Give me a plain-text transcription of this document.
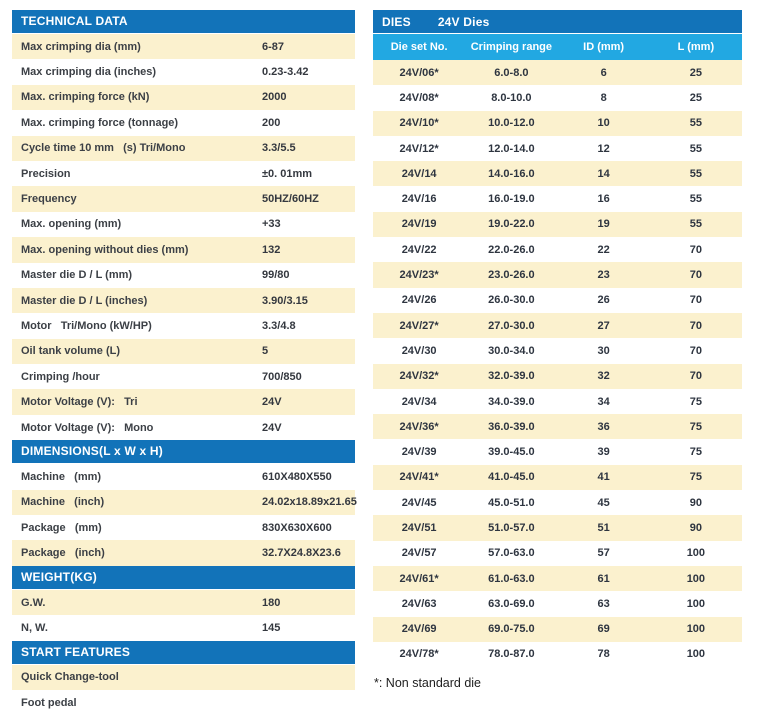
TECHNICAL DATA
Max crimping dia (mm)	6-87
Max crimping dia (inches)	0.23-3.42
Max. crimping force (kN)	2000
Max. crimping force (tonnage)	200
Cycle time 10 mm   (s) Tri/Mono	3.3/5.5
Precision	±0. 01mm
Frequency	50HZ/60HZ
Max. opening (mm)	+33
Max. opening without dies (mm)	132
Master die D / L (mm)	99/80
Master die D / L (inches)	3.90/3.15
Motor   Tri/Mono (kW/HP)	3.3/4.8
Oil tank volume (L)	5
Crimping /hour	700/850
Motor Voltage (V):   Tri	24V
Motor Voltage (V):   Mono	24V
DIMENSIONS(L x W x H)
Machine   (mm)	610X480X550
Machine   (inch)	24.02x18.89x21.65
Package   (mm)	830X630X600
Package   (inch)	32.7X24.8X23.6
WEIGHT(KG)
G.W.	180
N, W.	145
START FEATURES
Quick Change-tool
Foot pedal
DIES 24V Dies
Die set No.	Crimping range	ID (mm)	L (mm)
24V/06*	6.0-8.0	6	25
24V/08*	8.0-10.0	8	25
24V/10*	10.0-12.0	10	55
24V/12*	12.0-14.0	12	55
24V/14	14.0-16.0	14	55
24V/16	16.0-19.0	16	55
24V/19	19.0-22.0	19	55
24V/22	22.0-26.0	22	70
24V/23*	23.0-26.0	23	70
24V/26	26.0-30.0	26	70
24V/27*	27.0-30.0	27	70
24V/30	30.0-34.0	30	70
24V/32*	32.0-39.0	32	70
24V/34	34.0-39.0	34	75
24V/36*	36.0-39.0	36	75
24V/39	39.0-45.0	39	75
24V/41*	41.0-45.0	41	75
24V/45	45.0-51.0	45	90
24V/51	51.0-57.0	51	90
24V/57	57.0-63.0	57	100
24V/61*	61.0-63.0	61	100
24V/63	63.0-69.0	63	100
24V/69	69.0-75.0	69	100
24V/78*	78.0-87.0	78	100
*: Non standard die
